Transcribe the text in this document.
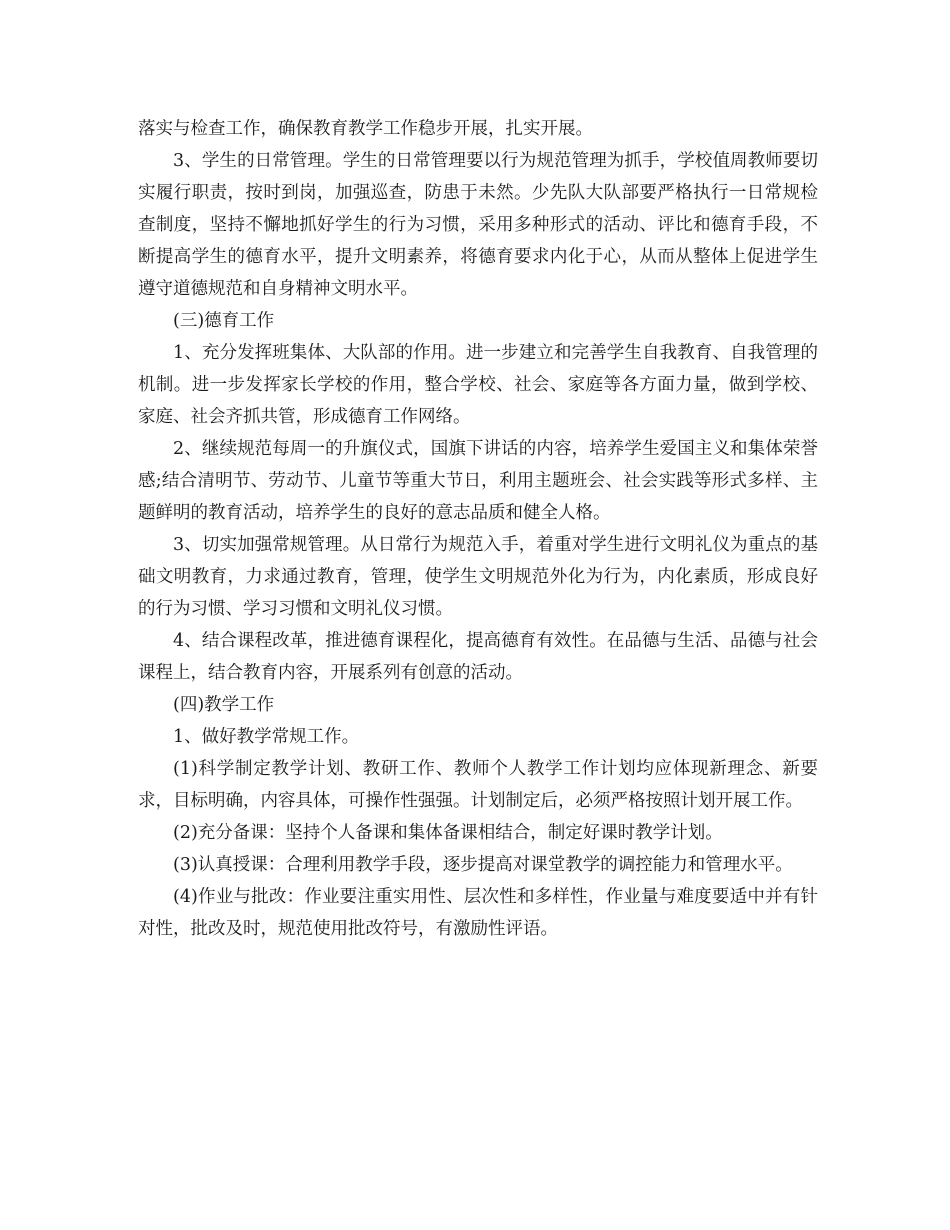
落实与检查工作，确保教育教学工作稳步开展，扎实开展。

3、学生的日常管理。学生的日常管理要以行为规范管理为抓手，学校值周教师要切实履行职责，按时到岗，加强巡查，防患于未然。少先队大队部要严格执行一日常规检查制度，坚持不懈地抓好学生的行为习惯，采用多种形式的活动、评比和德育手段，不断提高学生的德育水平，提升文明素养，将德育要求内化于心，从而从整体上促进学生遵守道德规范和自身精神文明水平。

(三)德育工作

1、充分发挥班集体、大队部的作用。进一步建立和完善学生自我教育、自我管理的机制。进一步发挥家长学校的作用，整合学校、社会、家庭等各方面力量，做到学校、家庭、社会齐抓共管，形成德育工作网络。

2、继续规范每周一的升旗仪式，国旗下讲话的内容，培养学生爱国主义和集体荣誉感;结合清明节、劳动节、儿童节等重大节日，利用主题班会、社会实践等形式多样、主题鲜明的教育活动，培养学生的良好的意志品质和健全人格。

3、切实加强常规管理。从日常行为规范入手，着重对学生进行文明礼仪为重点的基础文明教育，力求通过教育，管理，使学生文明规范外化为行为，内化素质，形成良好的行为习惯、学习习惯和文明礼仪习惯。

4、结合课程改革，推进德育课程化，提高德育有效性。在品德与生活、品德与社会课程上，结合教育内容，开展系列有创意的活动。

(四)教学工作

1、做好教学常规工作。

(1)科学制定教学计划、教研工作、教师个人教学工作计划均应体现新理念、新要求，目标明确，内容具体，可操作性强强。计划制定后，必须严格按照计划开展工作。

(2)充分备课：坚持个人备课和集体备课相结合，制定好课时教学计划。

(3)认真授课：合理利用教学手段，逐步提高对课堂教学的调控能力和管理水平。

(4)作业与批改：作业要注重实用性、层次性和多样性，作业量与难度要适中并有针对性，批改及时，规范使用批改符号，有激励性评语。
